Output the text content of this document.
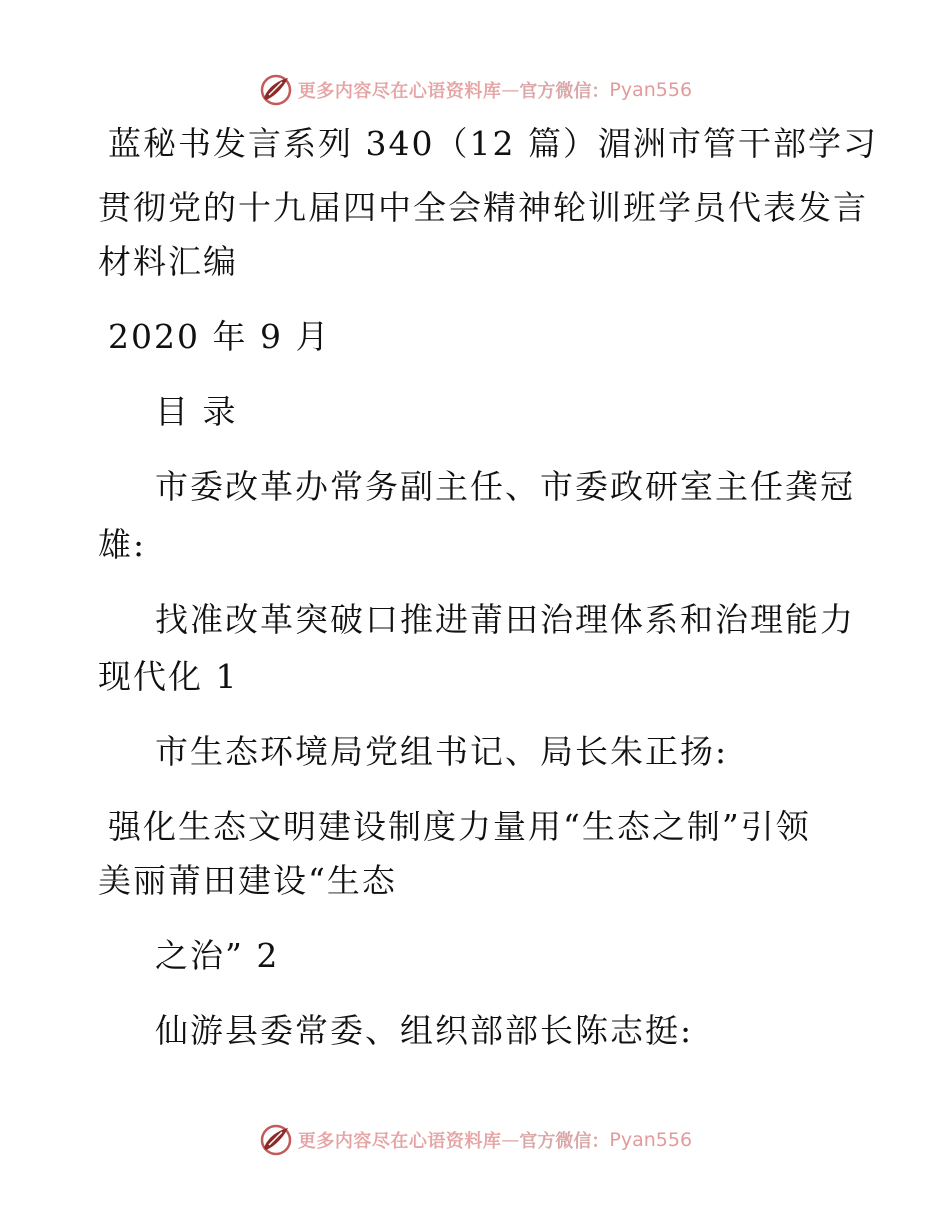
更多内容尽在心语资料库 — 官方微信： Pyan556
蓝秘书发言系列 340（12 篇）湄洲市管干部学习
贯彻党的十九届四中全会精神轮训班学员代表发言
材料汇编
2020 年 9 月
目 录
市委改革办常务副主任、市委政研室主任龚冠
雄:
找准改革突破口推进莆田治理体系和治理能力
现代化 1
市生态环境局党组书记、局长朱正扬:
强化生态文明建设制度力量用“生态之制”引领
美丽莆田建设“生态
之治” 2
仙游县委常委、组织部部长陈志挺:
更多内容尽在心语资料库 — 官方微信： Pyan556
